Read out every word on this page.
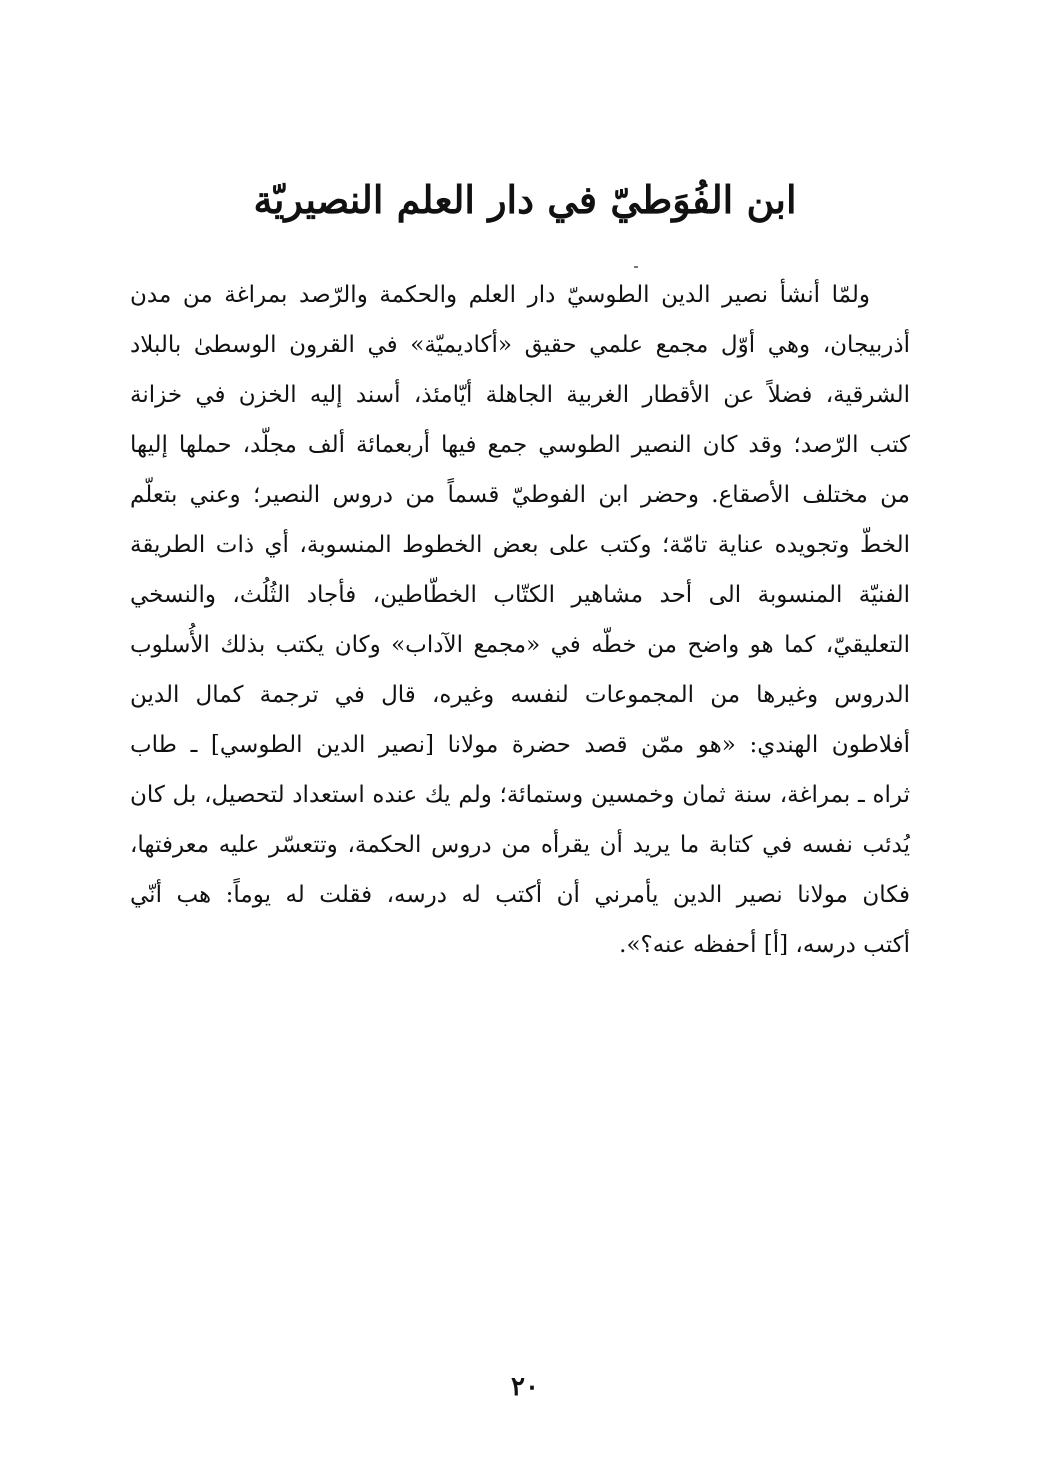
ابن الفُوَطيّ في دار العلم النصيريّة
ولمّا أنشأ نصير الدين الطوسيّ دار العلم والحكمة والرّصد بمراغة من مدن
أذربيجان، وهي أوّل مجمع علمي حقيق «أكاديميّة» في القرون الوسطىٰ بالبلاد
الشرقية، فضلاً عن الأقطار الغربية الجاهلة أيّامئذ، أسند إليه الخزن في خزانة
كتب الرّصد؛ وقد كان النصير الطوسي جمع فيها أربعمائة ألف مجلّد، حملها إليها
من مختلف الأصقاع. وحضر ابن الفوطيّ قسماً من دروس النصير؛ وعني بتعلّم
الخطّ وتجويده عناية تامّة؛ وكتب على بعض الخطوط المنسوبة، أي ذات الطريقة
الفنيّة المنسوبة الى أحد مشاهير الكتّاب الخطّاطين، فأجاد الثُلُث، والنسخي
التعليقيّ، كما هو واضح من خطّه في «مجمع الآداب» وكان يكتب بذلك الأُسلوب
الدروس وغيرها من المجموعات لنفسه وغيره، قال في ترجمة كمال الدين
أفلاطون الهندي: «هو ممّن قصد حضرة مولانا [نصير الدين الطوسي] ـ طاب
ثراه ـ بمراغة، سنة ثمان وخمسين وستمائة؛ ولم يك عنده استعداد لتحصيل، بل كان
يُدئب نفسه في كتابة ما يريد أن يقرأه من دروس الحكمة، وتتعسّر عليه معرفتها،
فكان مولانا نصير الدين يأمرني أن أكتب له درسه، فقلت له يوماً: هب أنّي
أكتب درسه، [أ] أحفظه عنه؟».
٢٠
